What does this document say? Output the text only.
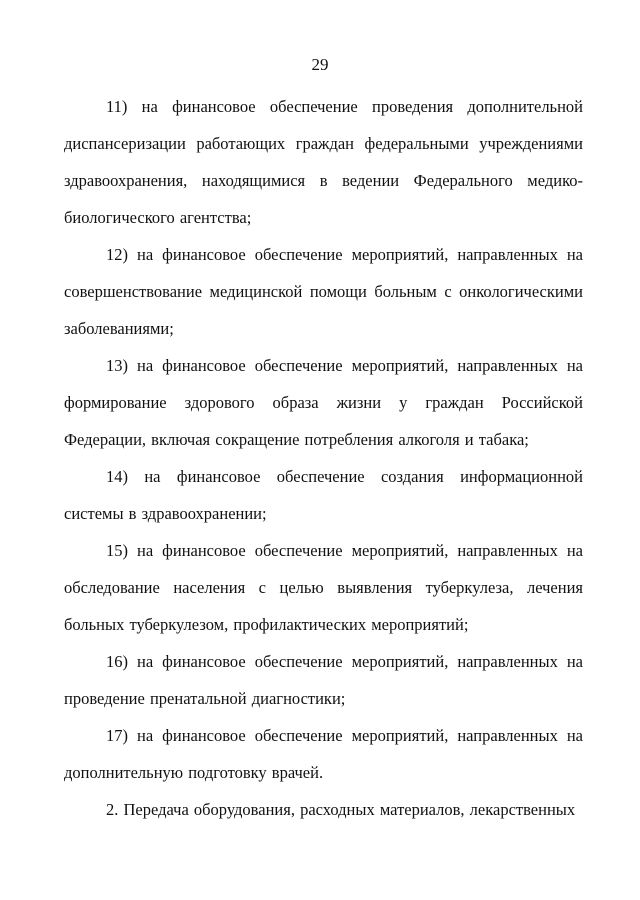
29

11) на финансовое обеспечение проведения дополнительной диспансеризации работающих граждан федеральными учреждениями здравоохранения, находящимися в ведении Федерального медико-биологического агентства;

12) на финансовое обеспечение мероприятий, направленных на совершенствование медицинской помощи больным с онкологическими заболеваниями;

13) на финансовое обеспечение мероприятий, направленных на формирование здорового образа жизни у граждан Российской Федерации, включая сокращение потребления алкоголя и табака;

14) на финансовое обеспечение создания информационной системы в здравоохранении;

15) на финансовое обеспечение мероприятий, направленных на обследование населения с целью выявления туберкулеза, лечения больных туберкулезом, профилактических мероприятий;

16) на финансовое обеспечение мероприятий, направленных на проведение пренатальной диагностики;

17) на финансовое обеспечение мероприятий, направленных на дополнительную подготовку врачей.

2. Передача оборудования, расходных материалов, лекарственных
